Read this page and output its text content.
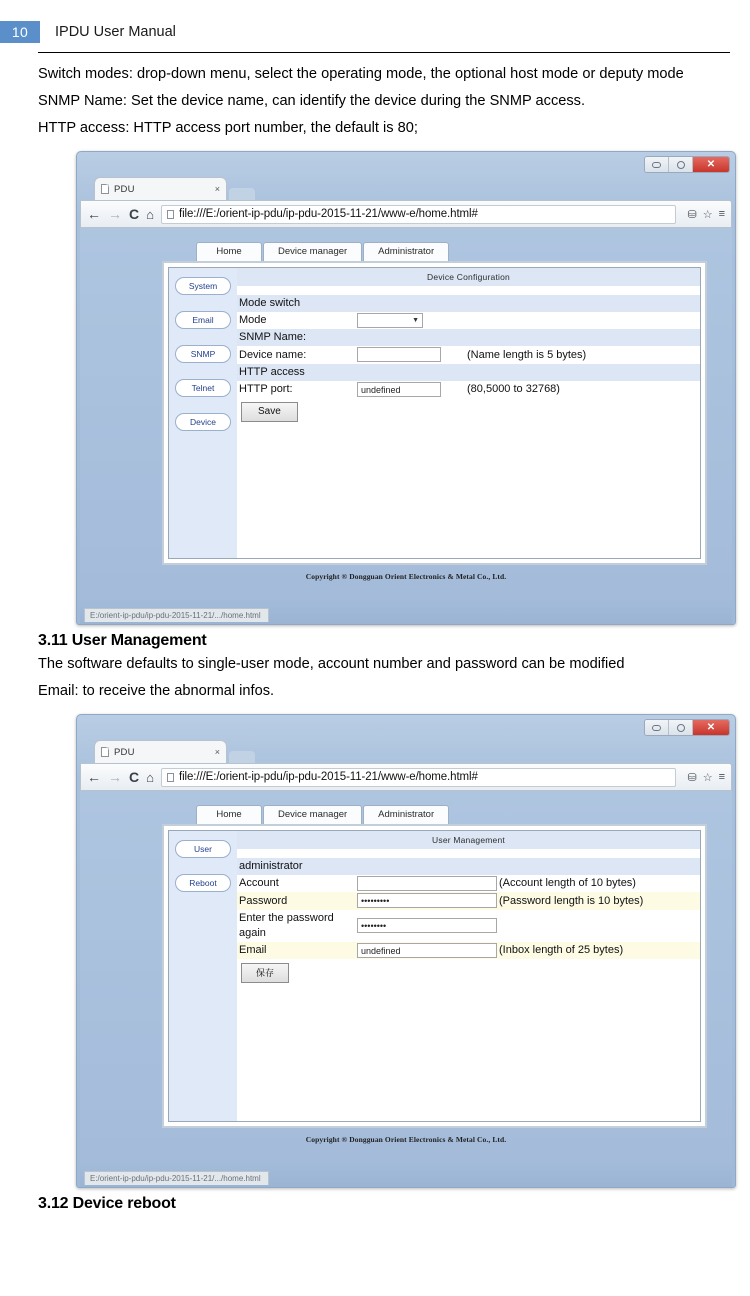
10	IPDU User Manual
Switch modes: drop-down menu, select the operating mode, the optional host mode or deputy mode
SNMP Name: Set the device name, can identify the device during the SNMP access.
HTTP access: HTTP access port number, the default is 80;
✕
PDU	×
← → C ⌂ file:///E:/orient-ip-pdu/ip-pdu-2015-11-21/www-e/home.html#	⛁ ☆ ≡
Home	Device manager	Administrator
System
Email
SNMP
Telnet
Device
Device Configuration
Mode switch		
Mode	▼	

SNMP Name:		
Device name:		(Name length is 5 bytes)
HTTP access		
HTTP port:	undefined	(80,5000 to 32768)
Save
Copyright ® Dongguan Orient Electronics & Metal Co., Ltd.
E:/orient-ip-pdu/ip-pdu-2015-11-21/.../home.html
3.11 User Management
The software defaults to single-user mode, account number and password can be modified
Email: to receive the abnormal infos.
✕
PDU	×
← → C ⌂ file:///E:/orient-ip-pdu/ip-pdu-2015-11-21/www-e/home.html#	⛁ ☆ ≡
Home	Device manager	Administrator
User
Reboot
User Management
administrator		
Account		(Account length of 10 bytes)
Password	•••••••••	(Password length is 10 bytes)
Enter the password again	••••••••	
Email	undefined	(Inbox length of 25 bytes)
保存
Copyright ® Dongguan Orient Electronics & Metal Co., Ltd.
E:/orient-ip-pdu/ip-pdu-2015-11-21/.../home.html
3.12 Device reboot
